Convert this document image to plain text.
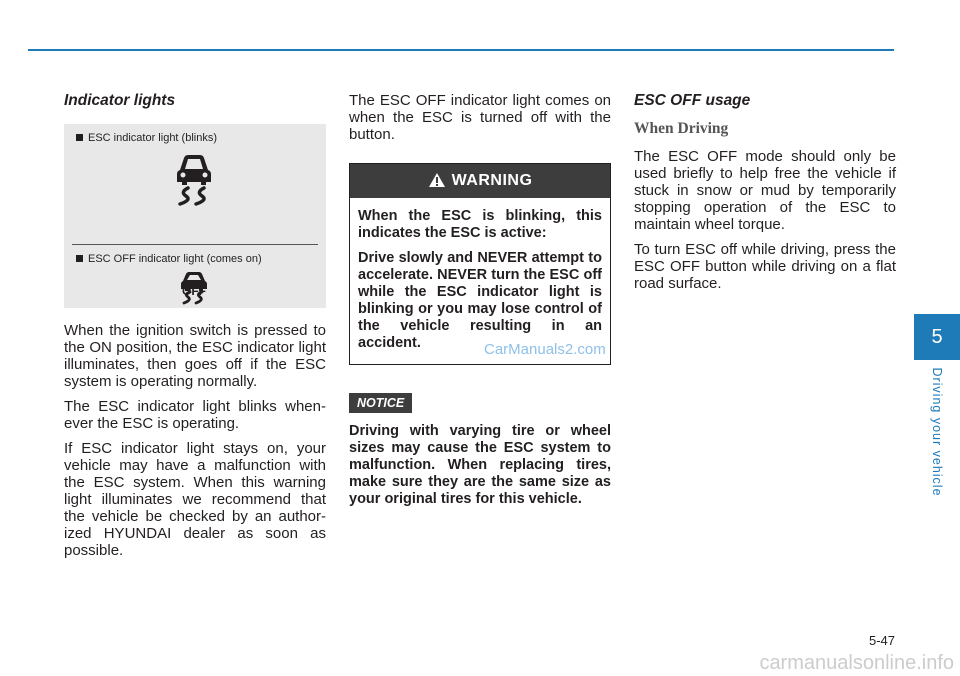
Indicator lights
ESC indicator light (blinks)
ESC OFF indicator light (comes on)
OFF

When the ignition switch is pressed to the ON position, the ESC indicator light illuminates, then goes off if the ESC system is operating normally.

The ESC indicator light blinks when- ever the ESC is operating.

If ESC indicator light stays on, your vehicle may have a malfunction with the ESC system. When this warning light illuminates we recommend that the vehicle be checked by an author- ized HYUNDAI dealer as soon as possible.

The ESC OFF indicator light comes on when the ESC is turned off with the button.

WARNING

When the ESC is blinking, this indicates the ESC is active:

Drive slowly and NEVER attempt to accelerate. NEVER turn the ESC off while the ESC indicator light is blinking or you may lose control of the vehicle resulting in an accident.

NOTICE

Driving with varying tire or wheel sizes may cause the ESC system to malfunction. When replacing tires, make sure they are the same size as your original tires for this vehicle.

CarManuals2.com
ESC OFF usage
When Driving

The ESC OFF mode should only be used briefly to help free the vehicle if stuck in snow or mud by temporarily stopping operation of the ESC to maintain wheel torque.

To turn ESC off while driving, press the ESC OFF button while driving on a flat road surface.

5
Driving your vehicle
5-47
carmanualsonline.info
